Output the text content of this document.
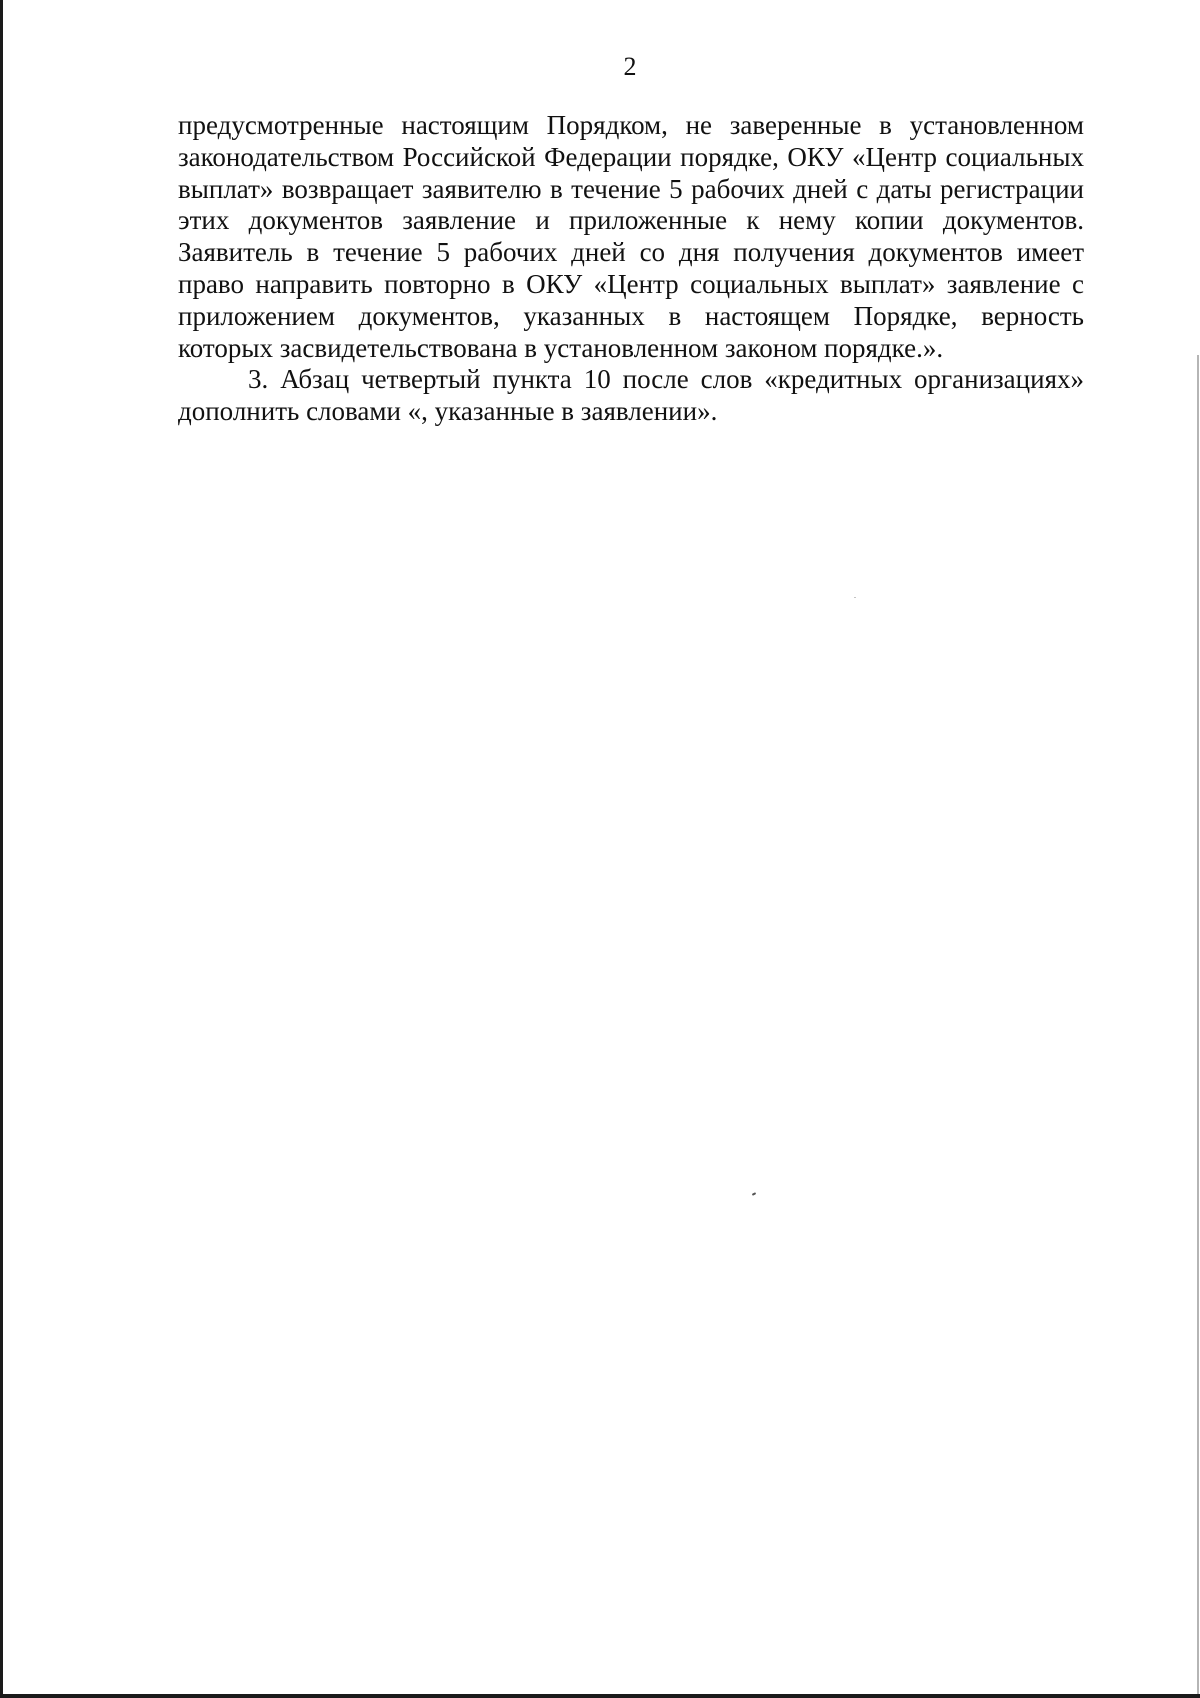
2

предусмотренные настоящим Порядком, не заверенные в установленном законодательством Российской Федерации порядке, ОКУ «Центр социальных выплат» возвращает заявителю в течение 5 рабочих дней с даты регистрации этих документов заявление и приложенные к нему копии документов. Заявитель в течение 5 рабочих дней со дня получения документов имеет право направить повторно в ОКУ «Центр социальных выплат» заявление с приложением документов, указанных в настоящем Порядке, верность которых засвидетельствована в установленном законом порядке.».

3. Абзац четвертый пункта 10 после слов «кредитных организациях» дополнить словами «, указанные в заявлении».
